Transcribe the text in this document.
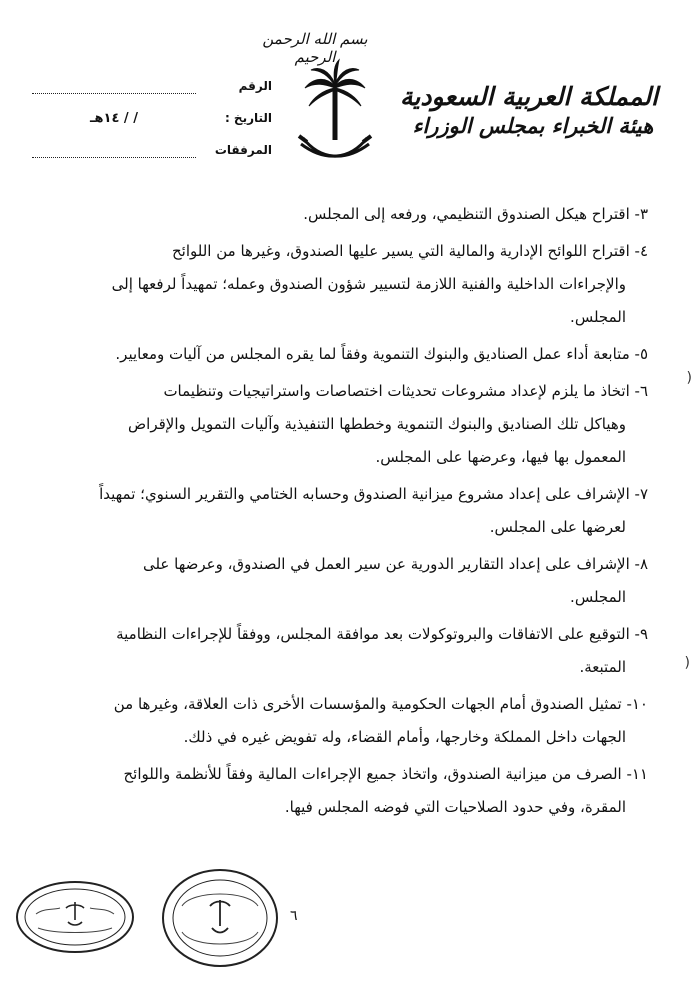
بسم الله الرحمن الرحيم
المملكة العربية السعودية
هيئة الخبراء بمجلس الوزراء
الرقم
التاريخ :
/ / ١٤هـ
المرفقات
٣- اقتراح هيكل الصندوق التنظيمي، ورفعه إلى المجلس.
٤- اقتراح اللوائح الإدارية والمالية التي يسير عليها الصندوق، وغيرها من اللوائح
والإجراءات الداخلية والفنية اللازمة لتسيير شؤون الصندوق وعمله؛ تمهيداً لرفعها إلى
المجلس.
٥- متابعة أداء عمل الصناديق والبنوك التنموية وفقاً لما يقره المجلس من آليات ومعايير.
٦- اتخاذ ما يلزم لإعداد مشروعات تحديثات اختصاصات واستراتيجيات وتنظيمات
وهياكل تلك الصناديق والبنوك التنموية وخططها التنفيذية وآليات التمويل والإقراض
المعمول بها فيها، وعرضها على المجلس.
٧- الإشراف على إعداد مشروع ميزانية الصندوق وحسابه الختامي والتقرير السنوي؛ تمهيداً
لعرضها على المجلس.
٨- الإشراف على إعداد التقارير الدورية عن سير العمل في الصندوق، وعرضها على
المجلس.
٩- التوقيع على الاتفاقات والبروتوكولات بعد موافقة المجلس، ووفقاً للإجراءات النظامية
المتبعة.
١٠- تمثيل الصندوق أمام الجهات الحكومية والمؤسسات الأخرى ذات العلاقة، وغيرها من
الجهات داخل المملكة وخارجها، وأمام القضاء، وله تفويض غيره في ذلك.
١١- الصرف من ميزانية الصندوق، واتخاذ جميع الإجراءات المالية وفقاً للأنظمة واللوائح
المقرة، وفي حدود الصلاحيات التي فوضه المجلس فيها.
)
)
٦
